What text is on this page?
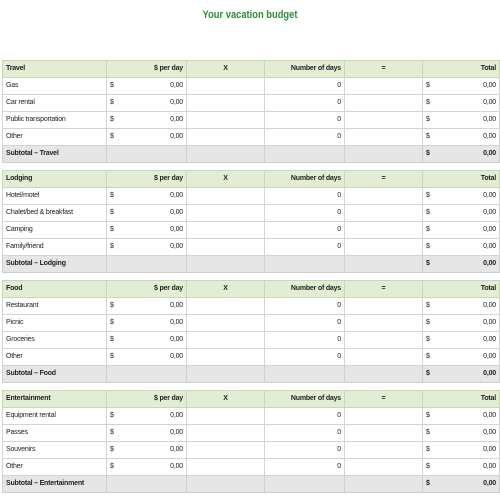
Your vacation budget
Travel	$ per day	X	Number of days	=	Total
Gas	$ 0,00		0		$ 0,00

Car rental	$ 0,00		0		$ 0,00

Public transportation	$ 0,00		0		$ 0,00

Other	$ 0,00		0		$ 0,00

Subtotal – Travel					$ 0,00

Lodging	$ per day	X	Number of days	=	Total
Hotel/motel	$ 0,00		0		$ 0,00

Chalet/bed & breakfast	$ 0,00		0		$ 0,00

Camping	$ 0,00		0		$ 0,00

Family/friend	$ 0,00		0		$ 0,00

Subtotal – Lodging					$ 0,00

Food	$ per day	X	Number of days	=	Total
Restaurant	$ 0,00		0		$ 0,00

Picnic	$ 0,00		0		$ 0,00

Groceries	$ 0,00		0		$ 0,00

Other	$ 0,00		0		$ 0,00

Subtotal – Food					$ 0,00

Entertainment	$ per day	X	Number of days	=	Total
Equipment rental	$ 0,00		0		$ 0,00

Passes	$ 0,00		0		$ 0,00

Souvenirs	$ 0,00		0		$ 0,00

Other	$ 0,00		0		$ 0,00

Subtotal – Entertainment					$ 0,00
